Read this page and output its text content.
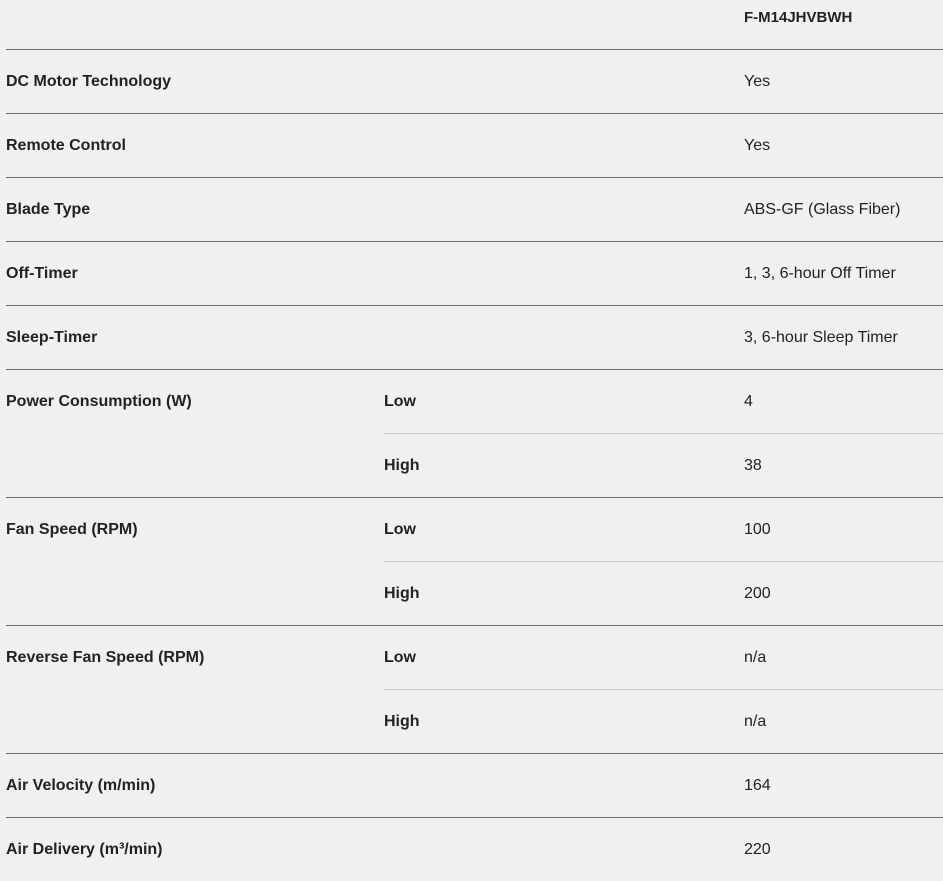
F-M14JHVBWH
DC Motor Technology	Yes
Remote Control	Yes
Blade Type	ABS-GF (Glass Fiber)
Off-Timer	1, 3, 6-hour Off Timer
Sleep-Timer	3, 6-hour Sleep Timer
Power Consumption (W)	Low	4
High	38
Fan Speed (RPM)	Low	100
High	200
Reverse Fan Speed (RPM)	Low	n/a
High	n/a
Air Velocity (m/min)	164
Air Delivery (m³/min)	220
